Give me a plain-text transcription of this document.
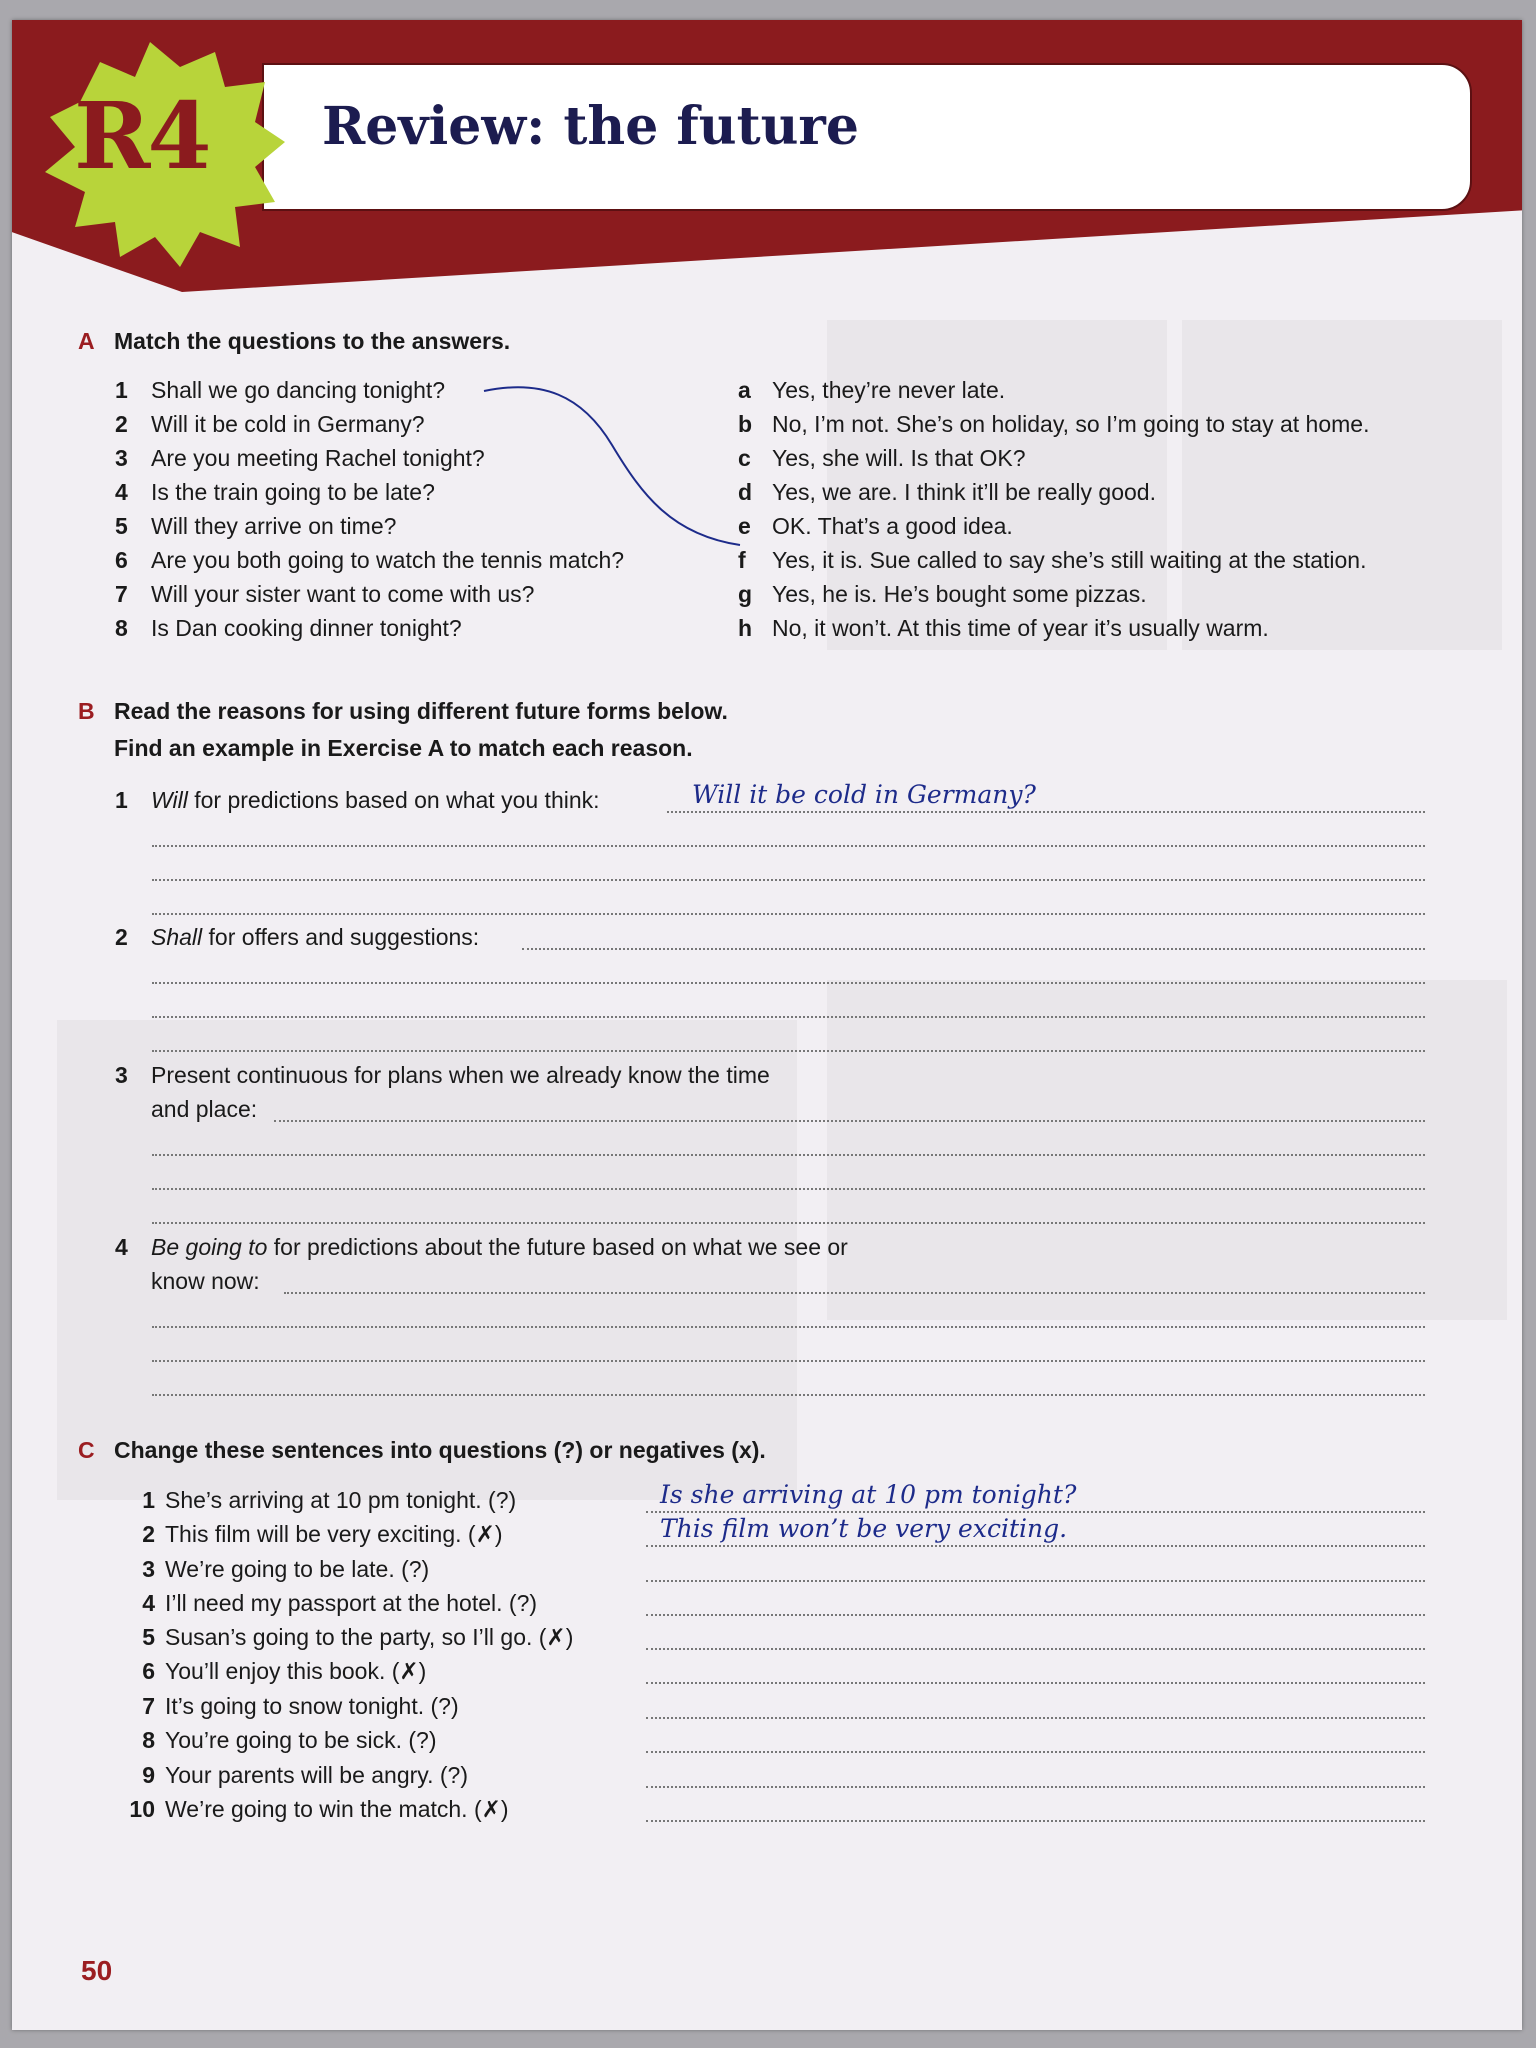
R4 Review: the future
A Match the questions to the answers.
1 Shall we go dancing tonight?
2 Will it be cold in Germany?
3 Are you meeting Rachel tonight?
4 Is the train going to be late?
5 Will they arrive on time?
6 Are you both going to watch the tennis match?
7 Will your sister want to come with us?
8 Is Dan cooking dinner tonight?
a Yes, they’re never late.
b No, I’m not. She’s on holiday, so I’m going to stay at home.
c Yes, she will. Is that OK?
d Yes, we are. I think it’ll be really good.
e OK. That’s a good idea.
f Yes, it is. Sue called to say she’s still waiting at the station.
g Yes, he is. He’s bought some pizzas.
h No, it won’t. At this time of year it’s usually warm.
B Read the reasons for using different future forms below.
Find an example in Exercise A to match each reason.
1 Will for predictions based on what you think:	Will it be cold in Germany?
2 Shall for offers and suggestions:
3 Present continuous for plans when we already know the time
and place:
4 Be going to for predictions about the future based on what we see or
know now:
C Change these sentences into questions (?) or negatives (x).
1 She’s arriving at 10 pm tonight. (?)
2 This film will be very exciting. (✗)
3 We’re going to be late. (?)
4 I’ll need my passport at the hotel. (?)
5 Susan’s going to the party, so I’ll go. (✗)
6 You’ll enjoy this book. (✗)
7 It’s going to snow tonight. (?)
8 You’re going to be sick. (?)
9 Your parents will be angry. (?)
10 We’re going to win the match. (✗)
Is she arriving at 10 pm tonight?
This film won’t be very exciting.
50
